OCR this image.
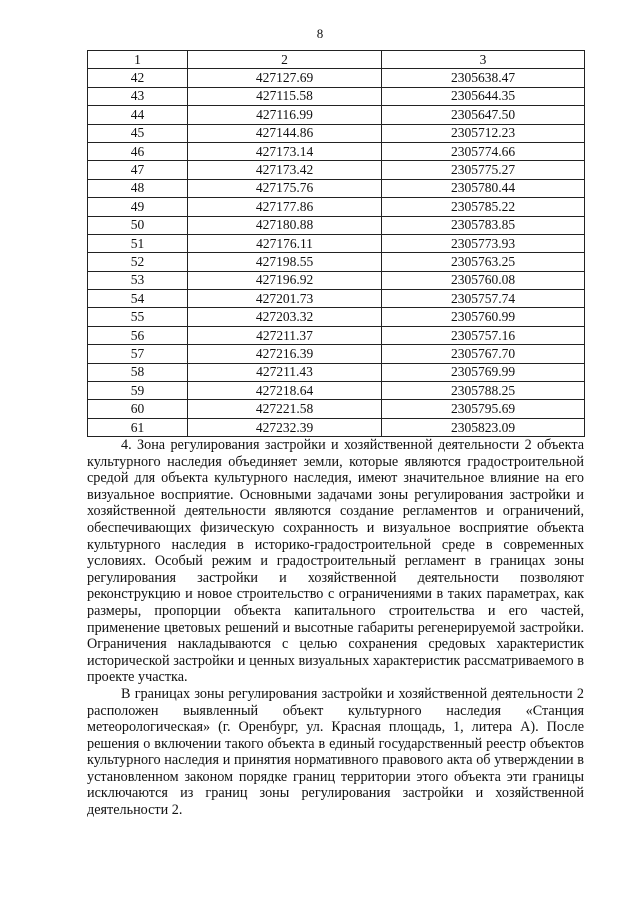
8
1	2	3
42	427127.69	2305638.47
43	427115.58	2305644.35
44	427116.99	2305647.50
45	427144.86	2305712.23
46	427173.14	2305774.66
47	427173.42	2305775.27
48	427175.76	2305780.44
49	427177.86	2305785.22
50	427180.88	2305783.85
51	427176.11	2305773.93
52	427198.55	2305763.25
53	427196.92	2305760.08
54	427201.73	2305757.74
55	427203.32	2305760.99
56	427211.37	2305757.16
57	427216.39	2305767.70
58	427211.43	2305769.99
59	427218.64	2305788.25
60	427221.58	2305795.69
61	427232.39	2305823.09

4. Зона регулирования застройки и хозяйственной деятельности 2 объекта культурного наследия объединяет земли, которые являются градостроительной средой для объекта культурного наследия, имеют значительное влияние на его визуальное восприятие. Основными задачами зоны регулирования застройки и хозяйственной деятельности являются создание регламентов и ограничений, обеспечивающих физическую сохранность и визуальное восприятие объекта культурного наследия в историко-градостроительной среде в современных условиях. Особый режим и градостроительный регламент в границах зоны регулирования застройки и хозяйственной деятельности позволяют реконструкцию и новое строительство с ограничениями в таких параметрах, как размеры, пропорции объекта капитального строительства и его частей, применение цветовых решений и высотные габариты регенерируемой застройки. Ограничения накладываются с целью сохранения средовых характеристик исторической застройки и ценных визуальных характеристик рассматриваемого в проекте участка.

В границах зоны регулирования застройки и хозяйственной деятельности 2 расположен выявленный объект культурного наследия «Станция метеорологическая» (г. Оренбург, ул. Красная площадь, 1, литера А). После решения о включении такого объекта в единый государственный реестр объектов культурного наследия и принятия нормативного правового акта об утверждении в установленном законом порядке границ территории этого объекта эти границы исключаются из границ зоны регулирования застройки и хозяйственной деятельности 2.
